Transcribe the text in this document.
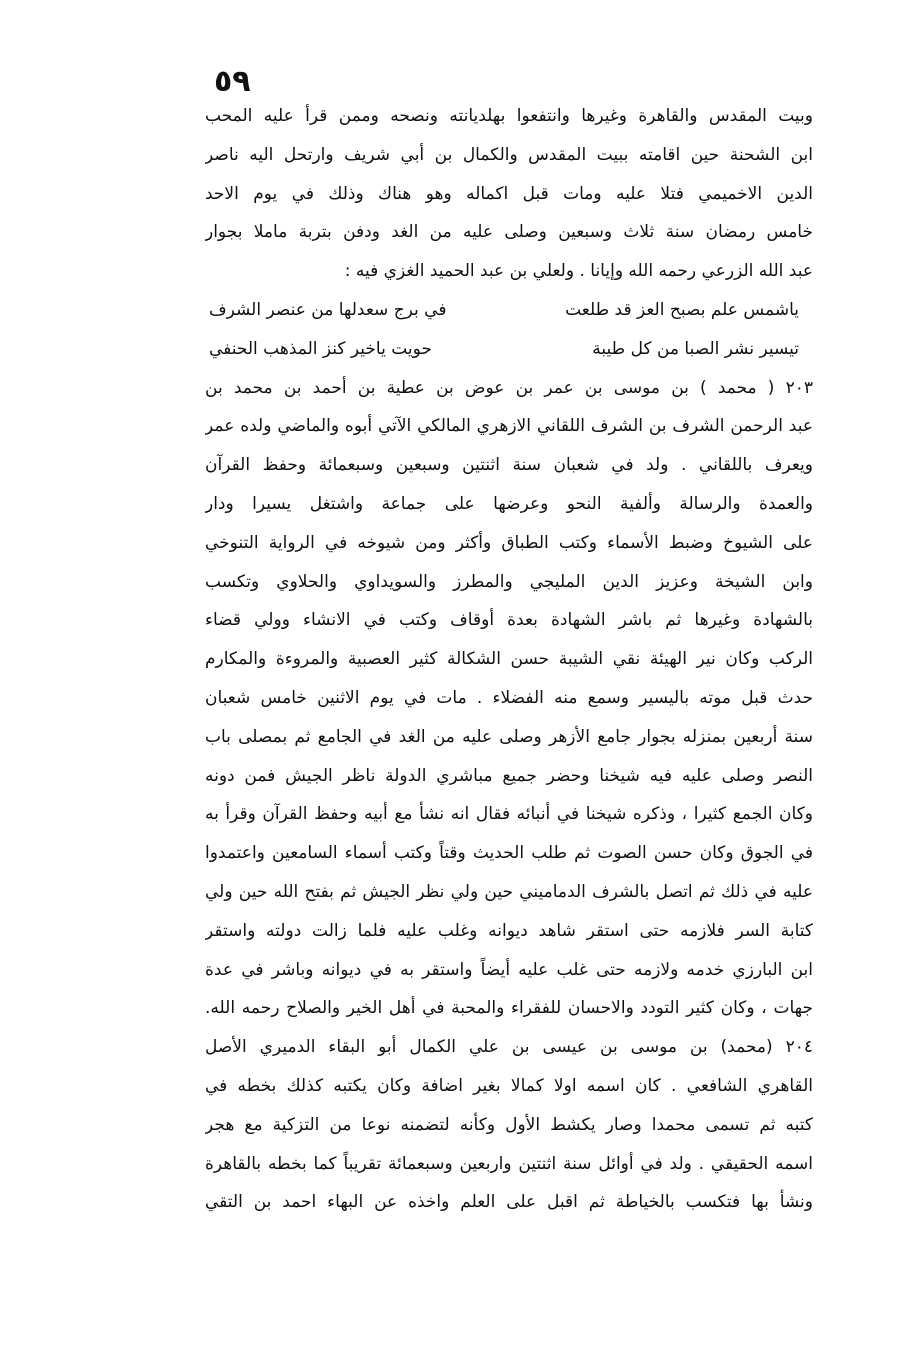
٥٩
وبيت المقدس والقاهرة وغيرها وانتفعوا بهلديانته ونصحه وممن قرأ عليه المحب
ابن الشحنة حين اقامته ببيت المقدس والكمال بن أبي شريف وارتحل اليه ناصر
الدين الاخميمي فتلا عليه ومات قبل اكماله وهو هناك وذلك في يوم الاحد
خامس رمضان سنة ثلاث وسبعين وصلى عليه من الغد ودفن بتربة ماملا بجوار
عبد الله الزرعي رحمه الله وإيانا . ولعلي بن عبد الحميد الغزي فيه :
ياشمس علم بصبح العز قد طلعت
في برج سعدلها من عنصر الشرف
تيسير نشر الصبا من كل طيبة
حويت ياخير كنز المذهب الحنفي
٢٠٣ ( محمد ) بن موسى بن عمر بن عوض بن عطية بن أحمد بن محمد بن
عبد الرحمن الشرف بن الشرف اللقاني الازهري المالكي الآتي أبوه والماضي ولده عمر
ويعرف باللقاني . ولد في شعبان سنة اثنتين وسبعين وسبعمائة وحفظ القرآن
والعمدة والرسالة وألفية النحو وعرضها على جماعة واشتغل يسيرا ودار
على الشيوخ وضبط الأسماء وكتب الطباق وأكثر ومن شيوخه في الرواية التنوخي
وابن الشيخة وعزيز الدين المليجي والمطرز والسويداوي والحلاوي وتكسب
بالشهادة وغيرها ثم باشر الشهادة بعدة أوقاف وكتب في الانشاء وولي قضاء
الركب وكان نير الهيئة نقي الشيبة حسن الشكالة كثير العصبية والمروءة والمكارم
حدث قبل موته باليسير وسمع منه الفضلاء . مات في يوم الاثنين خامس شعبان
سنة أربعين بمنزله بجوار جامع الأزهر وصلى عليه من الغد في الجامع ثم بمصلى باب
النصر وصلى عليه فيه شيخنا وحضر جميع مباشري الدولة ناظر الجيش فمن دونه
وكان الجمع كثيرا ، وذكره شيخنا في أنبائه فقال انه نشأ مع أبيه وحفظ القرآن وقرأ به
في الجوق وكان حسن الصوت ثم طلب الحديث وقتاً وكتب أسماء السامعين واعتمدوا
عليه في ذلك ثم اتصل بالشرف الدماميني حين ولي نظر الجيش ثم بفتح الله حين ولي
كتابة السر فلازمه حتى استقر شاهد ديوانه وغلب عليه فلما زالت دولته واستقر
ابن البارزي خدمه ولازمه حتى غلب عليه أيضاً واستقر به في ديوانه وباشر في عدة
جهات ، وكان كثير التودد والاحسان للفقراء والمحبة في أهل الخير والصلاح رحمه الله.
٢٠٤ (محمد) بن موسى بن عيسى بن علي الكمال أبو البقاء الدميري الأصل
القاهري الشافعي . كان اسمه اولا كمالا بغير اضافة وكان يكتبه كذلك بخطه في
كتبه ثم تسمى محمدا وصار يكشط الأول وكأنه لتضمنه نوعا من التزكية مع هجر
اسمه الحقيقي . ولد في أوائل سنة اثنتين واربعين وسبعمائة تقريباً كما بخطه بالقاهرة
ونشأ بها فتكسب بالخياطة ثم اقبل على العلم واخذه عن البهاء احمد بن التقي
